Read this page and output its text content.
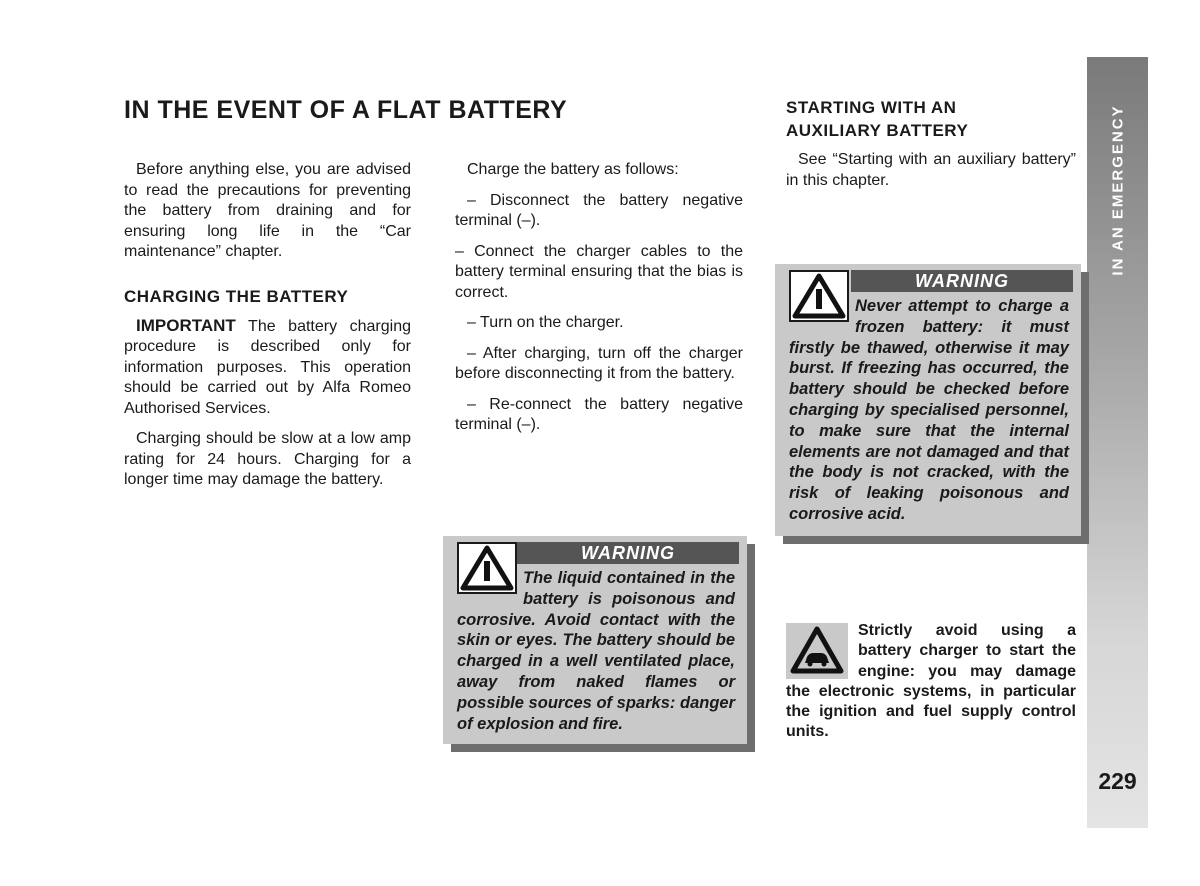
IN AN EMERGENCY
229
IN THE EVENT OF A FLAT BATTERY

Before anything else, you are advised to read the precautions for preventing the battery from draining and for ensuring long life in the “Car maintenance” chapter.

CHARGING THE BATTERY

IMPORTANT The battery charging procedure is described only for information purposes. This operation should be carried out by Alfa Romeo Authorised Services.

Charging should be slow at a low amp rating for 24 hours. Charging for a longer time may damage the battery.

Charge the battery as follows:

– Disconnect the battery negative terminal (–).

– Connect the charger cables to the battery terminal ensuring that the bias is correct.

– Turn on the charger.

– After charging, turn off the charger before disconnecting it from the battery.

– Re-connect the battery negative terminal (–).

WARNING
The liquid contained in the battery is poisonous and corrosive. Avoid contact with the skin or eyes. The battery should be charged in a well ventilated place, away from naked flames or possible sources of sparks: danger of explosion and fire.
STARTING WITH AN AUXILIARY BATTERY

See “Starting with an auxiliary battery” in this chapter.

WARNING
Never attempt to charge a frozen battery: it must firstly be thawed, otherwise it may burst. If freezing has occurred, the battery should be checked before charging by specialised personnel, to make sure that the internal elements are not damaged and that the body is not cracked, with the risk of leaking poisonous and corrosive acid.

Strictly avoid using a battery charger to start the engine: you may damage the electronic systems, in particular the ignition and fuel supply control units.
